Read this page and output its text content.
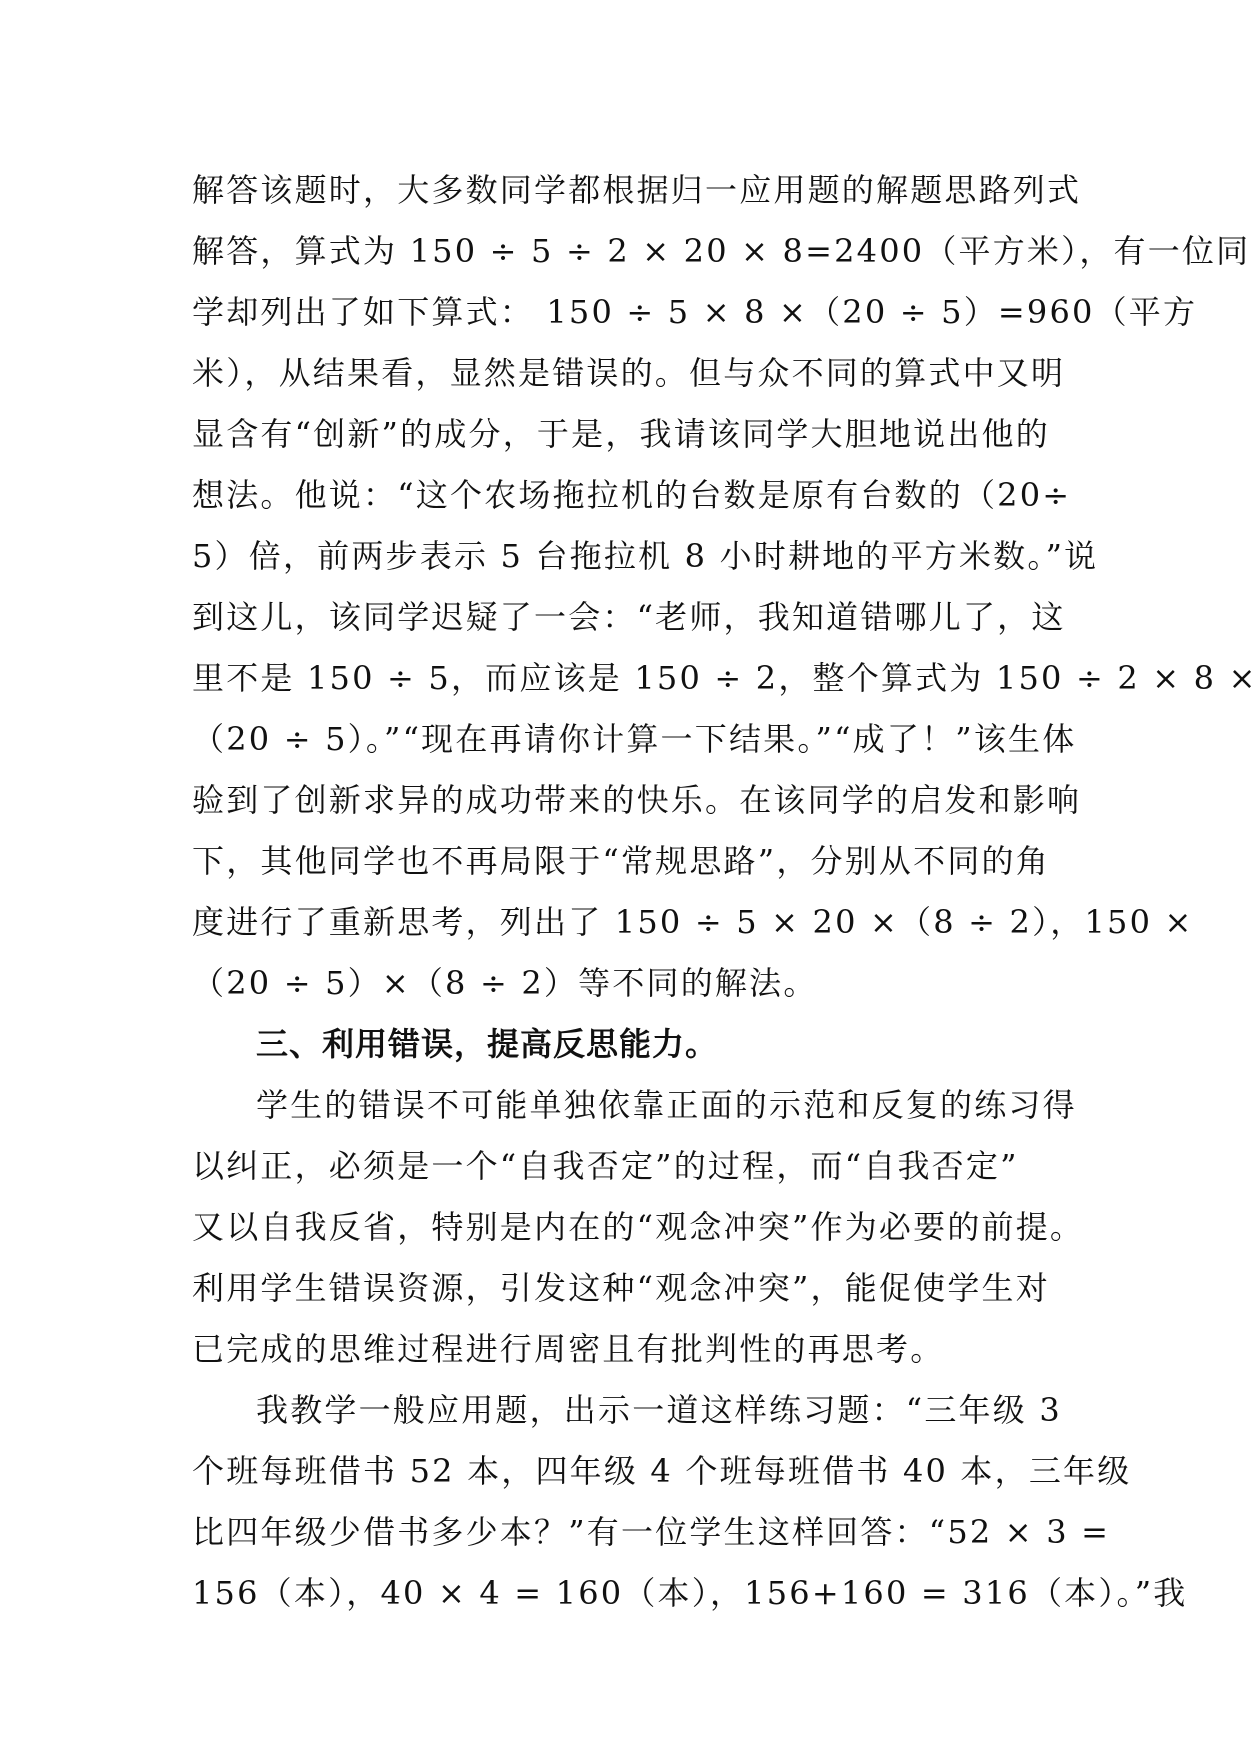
解答该题时，大多数同学都根据归一应用题的解题思路列式
解答，算式为 150 ÷ 5 ÷ 2 × 20 × 8=2400（平方米），有一位同
学却列出了如下算式： 150 ÷ 5 × 8 ×（20 ÷ 5）=960（平方
米），从结果看，显然是错误的。但与众不同的算式中又明
显含有“创新”的成分，于是，我请该同学大胆地说出他的
想法。他说：“这个农场拖拉机的台数是原有台数的（20÷
5）倍，前两步表示 5 台拖拉机 8 小时耕地的平方米数。”说
到这儿，该同学迟疑了一会：“老师，我知道错哪儿了，这
里不是 150 ÷ 5，而应该是 150 ÷ 2，整个算式为 150 ÷ 2 × 8 ×
（20 ÷ 5）。”“现在再请你计算一下结果。”“成了！”该生体
验到了创新求异的成功带来的快乐。在该同学的启发和影响
下，其他同学也不再局限于“常规思路”，分别从不同的角
度进行了重新思考，列出了 150 ÷ 5 × 20 ×（8 ÷ 2），150 ×
（20 ÷ 5）×（8 ÷ 2）等不同的解法。
三、利用错误，提高反思能力。
学生的错误不可能单独依靠正面的示范和反复的练习得
以纠正，必须是一个“自我否定”的过程，而“自我否定”
又以自我反省，特别是内在的“观念冲突”作为必要的前提。
利用学生错误资源，引发这种“观念冲突”，能促使学生对
已完成的思维过程进行周密且有批判性的再思考。
我教学一般应用题，出示一道这样练习题：“三年级 3
个班每班借书 52 本，四年级 4 个班每班借书 40 本，三年级
比四年级少借书多少本？”有一位学生这样回答：“52 × 3 =
156（本），40 × 4 = 160（本），156+160 = 316（本）。”我
